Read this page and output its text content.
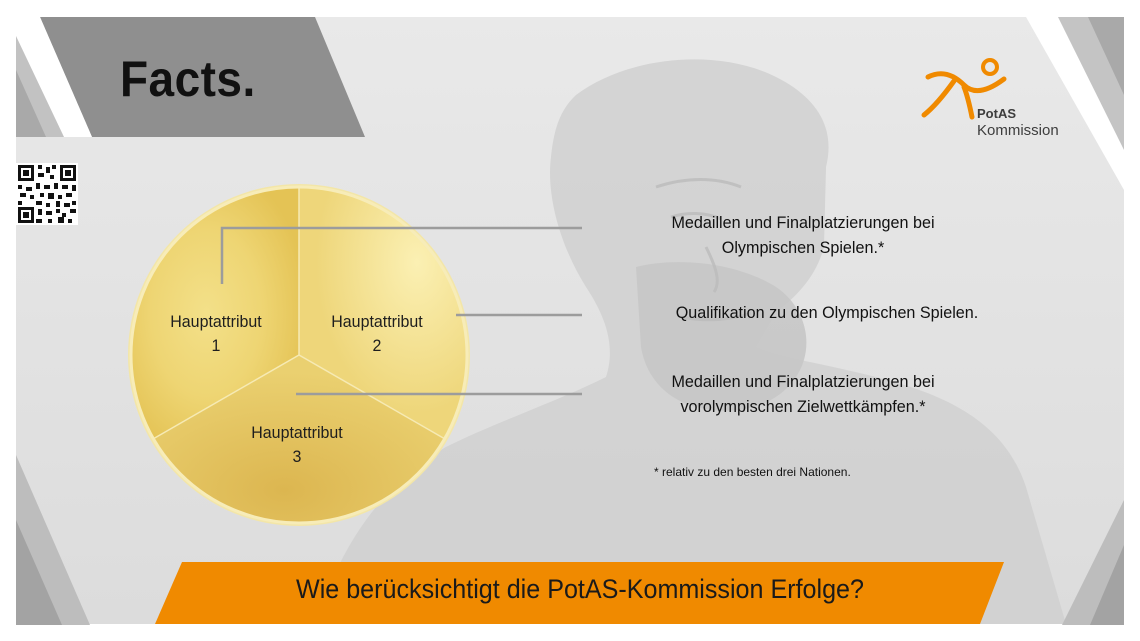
Facts.
PotAS
Kommission
Hauptattribut
1
Hauptattribut
2
Hauptattribut
3
Medaillen und Finalplatzierungen bei
Olympischen Spielen.*
Qualifikation zu den Olympischen Spielen.
Medaillen und Finalplatzierungen bei
vorolympischen Zielwettkämpfen.*
* relativ zu den besten drei Nationen.
Wie berücksichtigt die PotAS-Kommission Erfolge?
